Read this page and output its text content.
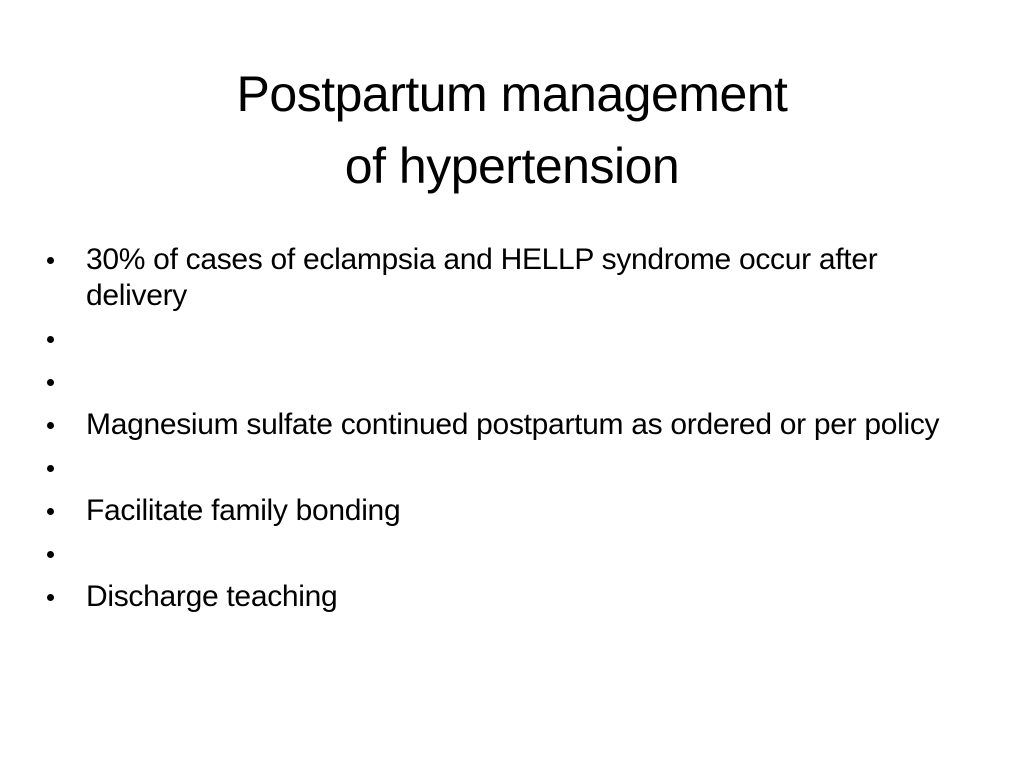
Postpartum management
of hypertension
30% of cases of eclampsia and HELLP syndrome occur after delivery
Magnesium sulfate continued postpartum as ordered or per policy
Facilitate family bonding
Discharge teaching
